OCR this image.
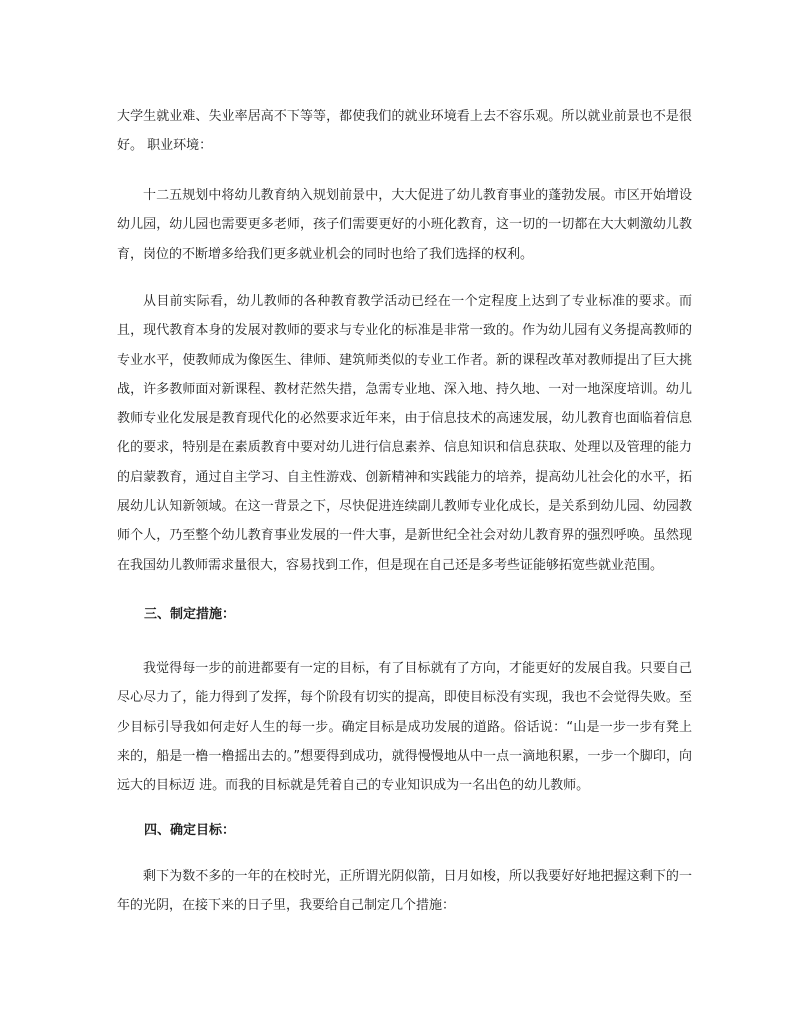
大学生就业难、失业率居高不下等等，都使我们的就业环境看上去不容乐观。所以就业前景也不是很好。 职业环境：

十二五规划中将幼儿教育纳入规划前景中，大大促进了幼儿教育事业的蓬勃发展。市区开始增设幼儿园，幼儿园也需要更多老师，孩子们需要更好的小班化教育，这一切的一切都在大大刺激幼儿教育，岗位的不断增多给我们更多就业机会的同时也给了我们选择的权利。

从目前实际看，幼儿教师的各种教育教学活动已经在一个定程度上达到了专业标准的要求。而且，现代教育本身的发展对教师的要求与专业化的标准是非常一致的。作为幼儿园有义务提高教师的专业水平，使教师成为像医生、律师、建筑师类似的专业工作者。新的课程改革对教师提出了巨大挑战，许多教师面对新课程、教材茫然失措，急需专业地、深入地、持久地、一对一地深度培训。幼儿教师专业化发展是教育现代化的必然要求近年来，由于信息技术的高速发展，幼儿教育也面临着信息化的要求，特别是在素质教育中要对幼儿进行信息素养、信息知识和信息获取、处理以及管理的能力的启蒙教育，通过自主学习、自主性游戏、创新精神和实践能力的培养，提高幼儿社会化的水平，拓展幼儿认知新领域。在这一背景之下，尽快促进连续副儿教师专业化成长，是关系到幼儿园、幼园教师个人，乃至整个幼儿教育事业发展的一件大事，是新世纪全社会对幼儿教育界的强烈呼唤。虽然现在我国幼儿教师需求量很大，容易找到工作，但是现在自己还是多考些证能够拓宽些就业范围。

三、制定措施：

我觉得每一步的前进都要有一定的目标，有了目标就有了方向，才能更好的发展自我。只要自己尽心尽力了，能力得到了发挥，每个阶段有切实的提高，即使目标没有实现，我也不会觉得失败。至少目标引导我如何走好人生的每一步。确定目标是成功发展的道路。俗话说：“山是一步一步有凳上来的，船是一橹一橹摇出去的。”想要得到成功，就得慢慢地从中一点一滴地积累，一步一个脚印，向远大的目标迈 进。而我的目标就是凭着自己的专业知识成为一名出色的幼儿教师。

四、确定目标：

剩下为数不多的一年的在校时光，正所谓光阴似箭，日月如梭，所以我要好好地把握这剩下的一年的光阴，在接下来的日子里，我要给自己制定几个措施：
